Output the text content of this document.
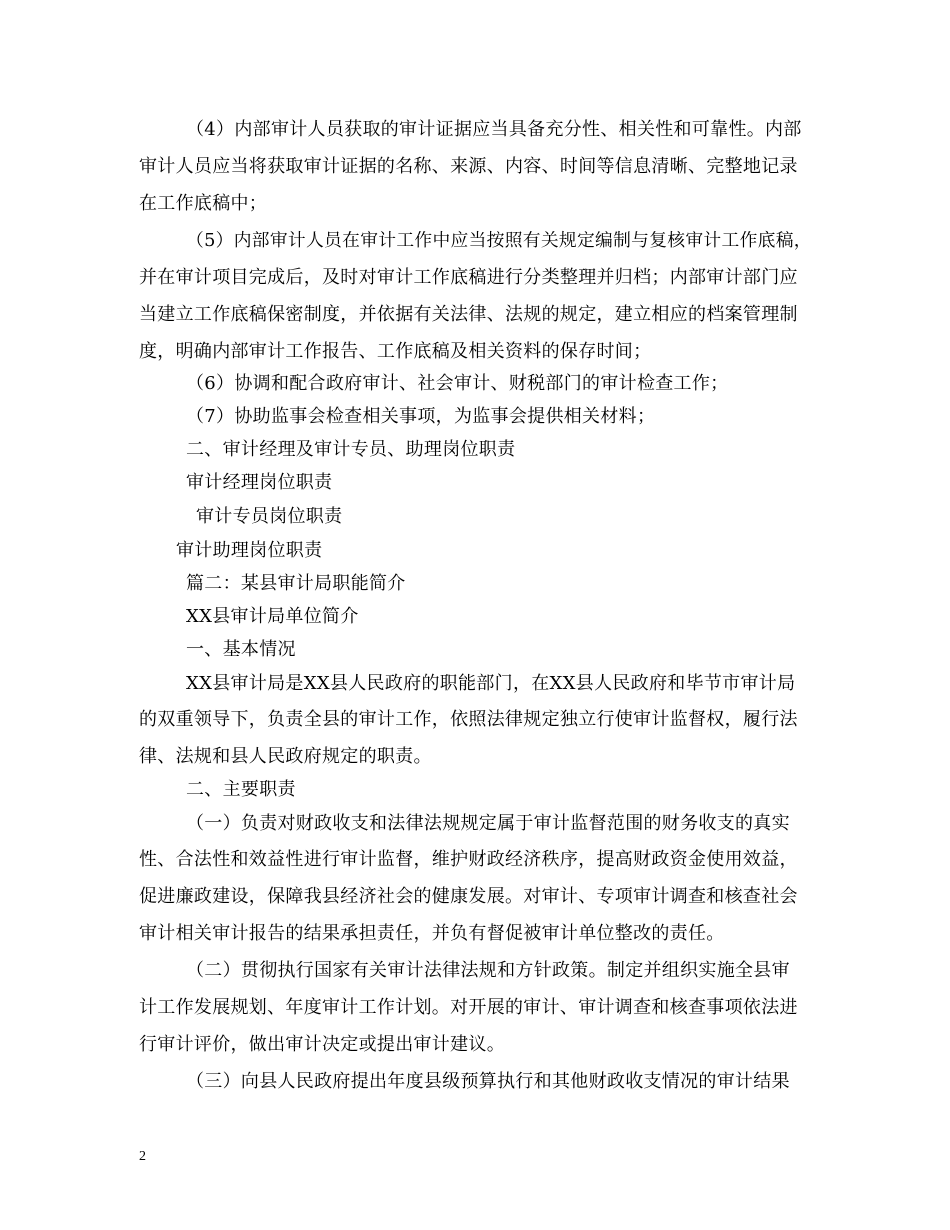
（4）内部审计人员获取的审计证据应当具备充分性、相关性和可靠性。内部
审计人员应当将获取审计证据的名称、来源、内容、时间等信息清晰、完整地记录
在工作底稿中；
（5）内部审计人员在审计工作中应当按照有关规定编制与复核审计工作底稿，
并在审计项目完成后，及时对审计工作底稿进行分类整理并归档；内部审计部门应
当建立工作底稿保密制度，并依据有关法律、法规的规定，建立相应的档案管理制
度，明确内部审计工作报告、工作底稿及相关资料的保存时间；
（6）协调和配合政府审计、社会审计、财税部门的审计检查工作；
（7）协助监事会检查相关事项，为监事会提供相关材料；
二、审计经理及审计专员、助理岗位职责
审计经理岗位职责
审计专员岗位职责
审计助理岗位职责
篇二：某县审计局职能简介
XX县审计局单位简介
一、基本情况
XX县审计局是XX县人民政府的职能部门，在XX县人民政府和毕节市审计局
的双重领导下，负责全县的审计工作，依照法律规定独立行使审计监督权，履行法
律、法规和县人民政府规定的职责。
二、主要职责
（一）负责对财政收支和法律法规规定属于审计监督范围的财务收支的真实
性、合法性和效益性进行审计监督，维护财政经济秩序，提高财政资金使用效益，
促进廉政建设，保障我县经济社会的健康发展。对审计、专项审计调查和核查社会
审计相关审计报告的结果承担责任，并负有督促被审计单位整改的责任。
（二）贯彻执行国家有关审计法律法规和方针政策。制定并组织实施全县审
计工作发展规划、年度审计工作计划。对开展的审计、审计调查和核查事项依法进
行审计评价，做出审计决定或提出审计建议。
（三）向县人民政府提出年度县级预算执行和其他财政收支情况的审计结果
2
